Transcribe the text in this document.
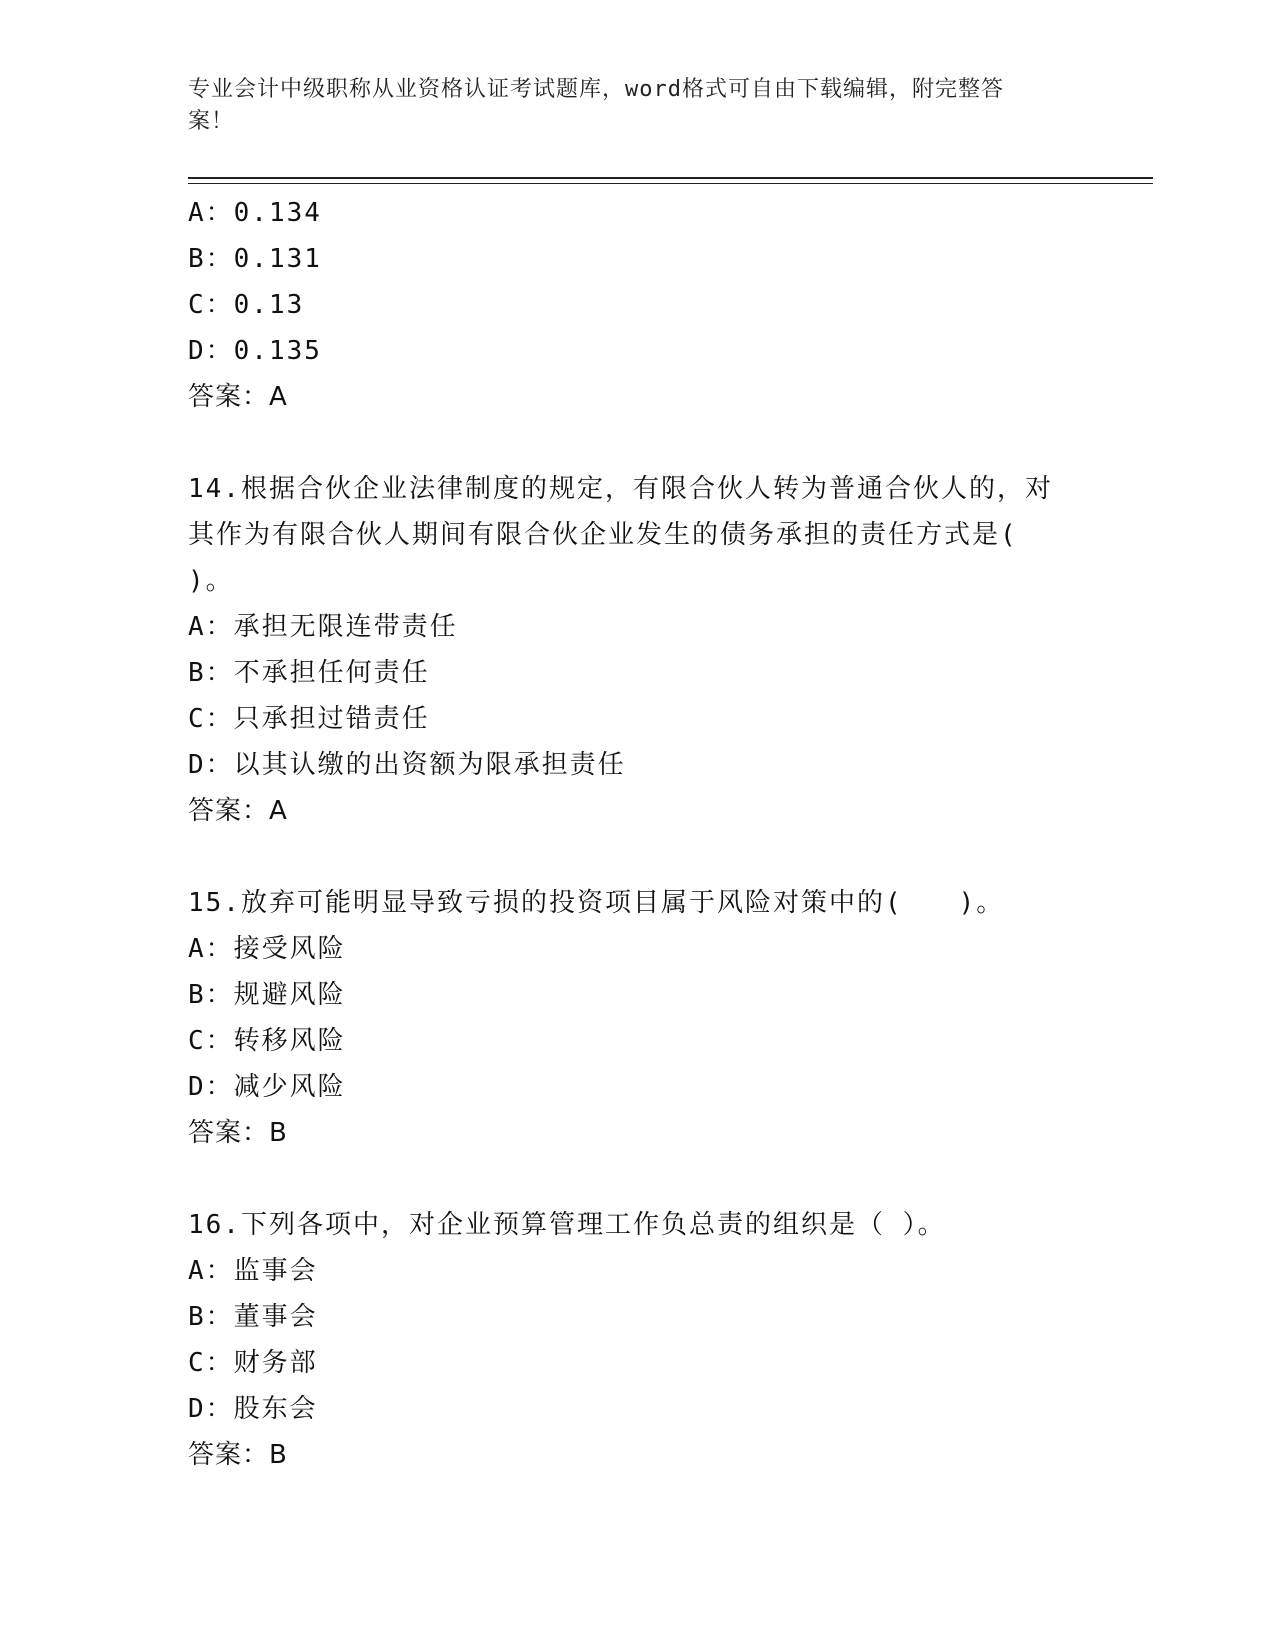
专业会计中级职称从业资格认证考试题库，word格式可自由下载编辑，附完整答
案！
A：0.134
B：0.131
C：0.13
D：0.135
答案：A
14.根据合伙企业法律制度的规定，有限合伙人转为普通合伙人的，对
其作为有限合伙人期间有限合伙企业发生的债务承担的责任方式是(
)。
A：承担无限连带责任
B：不承担任何责任
C：只承担过错责任
D：以其认缴的出资额为限承担责任
答案：A
15.放弃可能明显导致亏损的投资项目属于风险对策中的(　　)。
A：接受风险
B：规避风险
C：转移风险
D：减少风险
答案：B
16.下列各项中，对企业预算管理工作负总责的组织是（ ）。
A：监事会
B：董事会
C：财务部
D：股东会
答案：B
